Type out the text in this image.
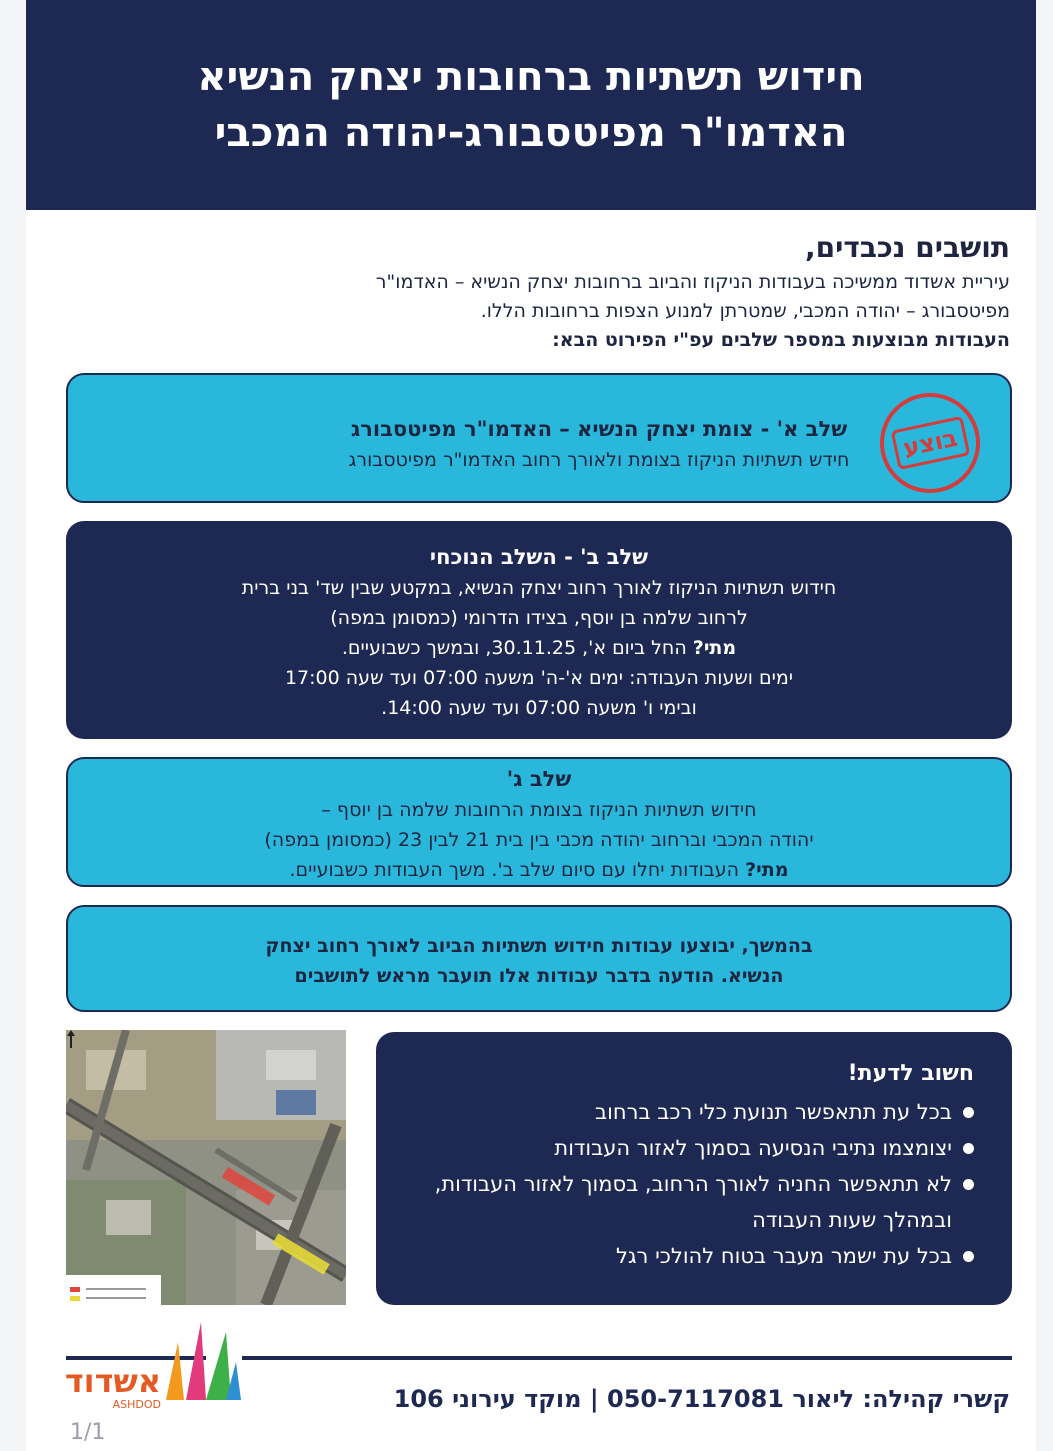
חידוש תשתיות ברחובות יצחק הנשיא
האדמו"ר מפיטסבורג-יהודה המכבי
תושבים נכבדים,
עיריית אשדוד ממשיכה בעבודות הניקוז והביוב ברחובות יצחק הנשיא – האדמו"ר
מפיטסבורג – יהודה המכבי, שמטרתן למנוע הצפות ברחובות הללו.
העבודות מבוצעות במספר שלבים עפ"י הפירוט הבא:
שלב א' - צומת יצחק הנשיא – האדמו"ר מפיטסבורג
חידש תשתיות הניקוז בצומת ולאורך רחוב האדמו"ר מפיטסבורג	בוצע
שלב ב' - השלב הנוכחי
חידוש תשתיות הניקוז לאורך רחוב יצחק הנשיא, במקטע שבין שד' בני ברית
לרחוב שלמה בן יוסף, בצידו הדרומי (כמסומן במפה)
מתי? החל ביום א', 30.11.25, ובמשך כשבועיים.
ימים ושעות העבודה: ימים א'-ה' משעה 07:00 ועד שעה 17:00
ובימי ו' משעה 07:00 ועד שעה 14:00.
שלב ג'
חידוש תשתיות הניקוז בצומת הרחובות שלמה בן יוסף –
יהודה המכבי וברחוב יהודה מכבי בין בית 21 לבין 23 (כמסומן במפה)
מתי? העבודות יחלו עם סיום שלב ב'. משך העבודות כשבועיים.
בהמשך, יבוצעו עבודות חידוש תשתיות הביוב לאורך רחוב יצחק
הנשיא. הודעה בדבר עבודות אלו תועבר מראש לתושבים
חשוב לדעת!
בכל עת תתאפשר תנועת כלי רכב ברחוב
יצומצמו נתיבי הנסיעה בסמוך לאזור העבודות
לא תתאפשר החניה לאורך הרחוב, בסמוך לאזור העבודות, ובמהלך שעות העבודה
בכל עת ישמר מעבר בטוח להולכי רגל
קשרי קהילה: ליאור 050-7117081 | מוקד עירוני 106
אשדוד
ASHDOD
1/1
